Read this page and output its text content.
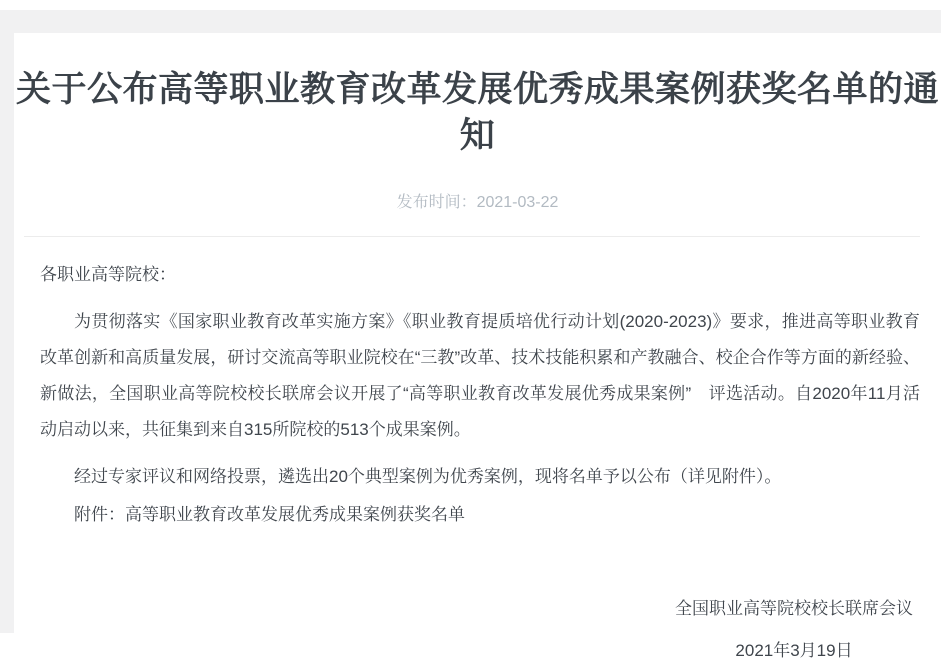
关于公布高等职业教育改革发展优秀成果案例获奖名单的通知

发布时间：2021-03-22

各职业高等院校：

为贯彻落实《国家职业教育改革实施方案》《职业教育提质培优行动计划(2020-2023)》要求，推进高等职业教育改革创新和高质量发展，研讨交流高等职业院校在“三教”改革、技术技能积累和产教融合、校企合作等方面的新经验、新做法，全国职业高等院校校长联席会议开展了“高等职业教育改革发展优秀成果案例”　评选活动。自2020年11月活动启动以来，共征集到来自315所院校的513个成果案例。

经过专家评议和网络投票，遴选出20个典型案例为优秀案例，现将名单予以公布（详见附件）。

附件：高等职业教育改革发展优秀成果案例获奖名单

全国职业高等院校校长联席会议

2021年3月19日
